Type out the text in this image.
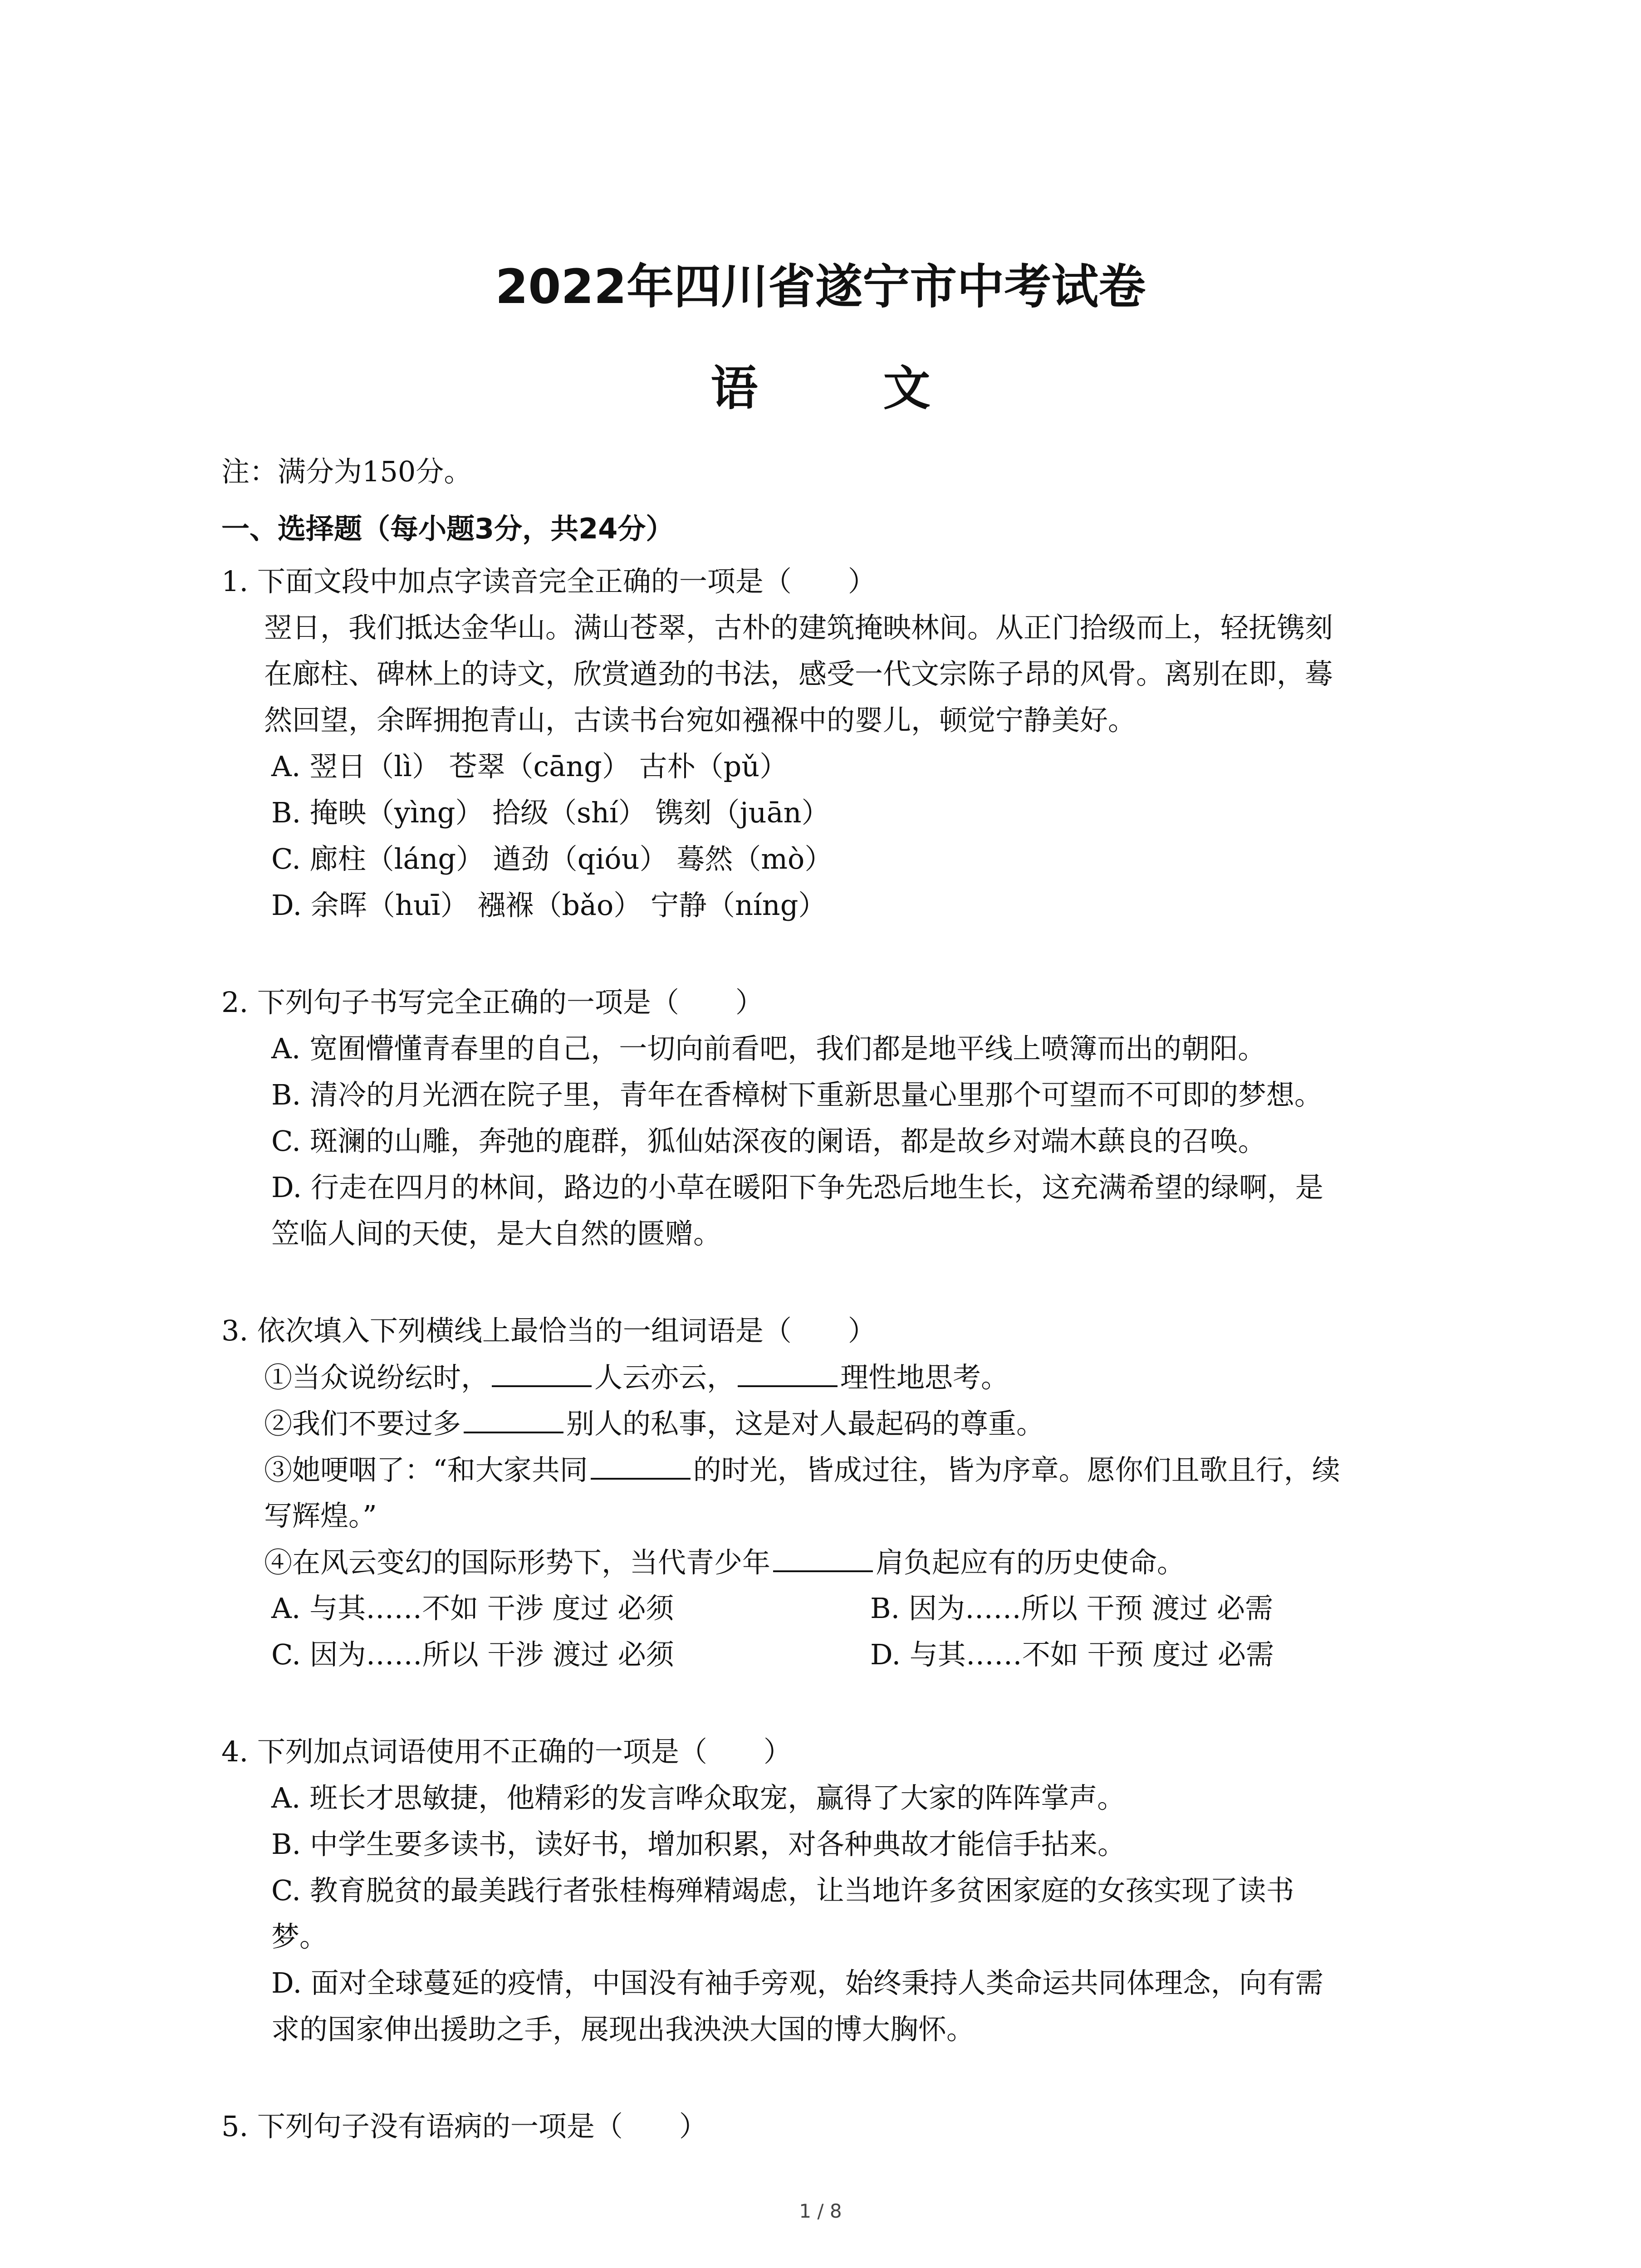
2022年四川省遂宁市中考试卷
语 文
注：满分为150分。
一、选择题（每小题3分，共24分）
1. 下面文段中加点字读音完全正确的一项是（　　）
翌日，我们抵达金华山。满山苍翠，古朴的建筑掩映林间。从正门拾级而上，轻抚镌刻
在廊柱、碑林上的诗文，欣赏遒劲的书法，感受一代文宗陈子昂的风骨。离别在即，蓦
然回望，余晖拥抱青山，古读书台宛如襁褓中的婴儿，顿觉宁静美好。
A. 翌日（lì） 苍翠（cāng） 古朴（pǔ）
B. 掩映（yìng） 拾级（shí） 镌刻（juān）
C. 廊柱（láng） 遒劲（qióu） 蓦然（mò）
D. 余晖（huī） 襁褓（bǎo） 宁静（níng）
2. 下列句子书写完全正确的一项是（　　）
A. 宽囿懵懂青春里的自己，一切向前看吧，我们都是地平线上喷簿而出的朝阳。
B. 清冷的月光洒在院子里，青年在香樟树下重新思量心里那个可望而不可即的梦想。
C. 斑澜的山雕，奔弛的鹿群，狐仙姑深夜的阑语，都是故乡对端木蕻良的召唤。
D. 行走在四月的林间，路边的小草在暖阳下争先恐后地生长，这充满希望的绿啊，是
笠临人间的天使，是大自然的匮赠。
3. 依次填入下列横线上最恰当的一组词语是（　　）
①当众说纷纭时，	人云亦云，	理性地思考。
②我们不要过多	别人的私事，这是对人最起码的尊重。
③她哽咽了：“和大家共同	的时光，皆成过往，皆为序章。愿你们且歌且行，续
写辉煌。”
④在风云变幻的国际形势下，当代青少年	肩负起应有的历史使命。
A. 与其……不如 干涉 度过 必须	B. 因为……所以 干预 渡过 必需
C. 因为……所以 干涉 渡过 必须	D. 与其……不如 干预 度过 必需
4. 下列加点词语使用不正确的一项是（　　）
A. 班长才思敏捷，他精彩的发言哗众取宠，赢得了大家的阵阵掌声。
B. 中学生要多读书，读好书，增加积累，对各种典故才能信手拈来。
C. 教育脱贫的最美践行者张桂梅殚精竭虑，让当地许多贫困家庭的女孩实现了读书
梦。
D. 面对全球蔓延的疫情，中国没有袖手旁观，始终秉持人类命运共同体理念，向有需
求的国家伸出援助之手，展现出我泱泱大国的博大胸怀。
5. 下列句子没有语病的一项是（　　）
1 / 8
